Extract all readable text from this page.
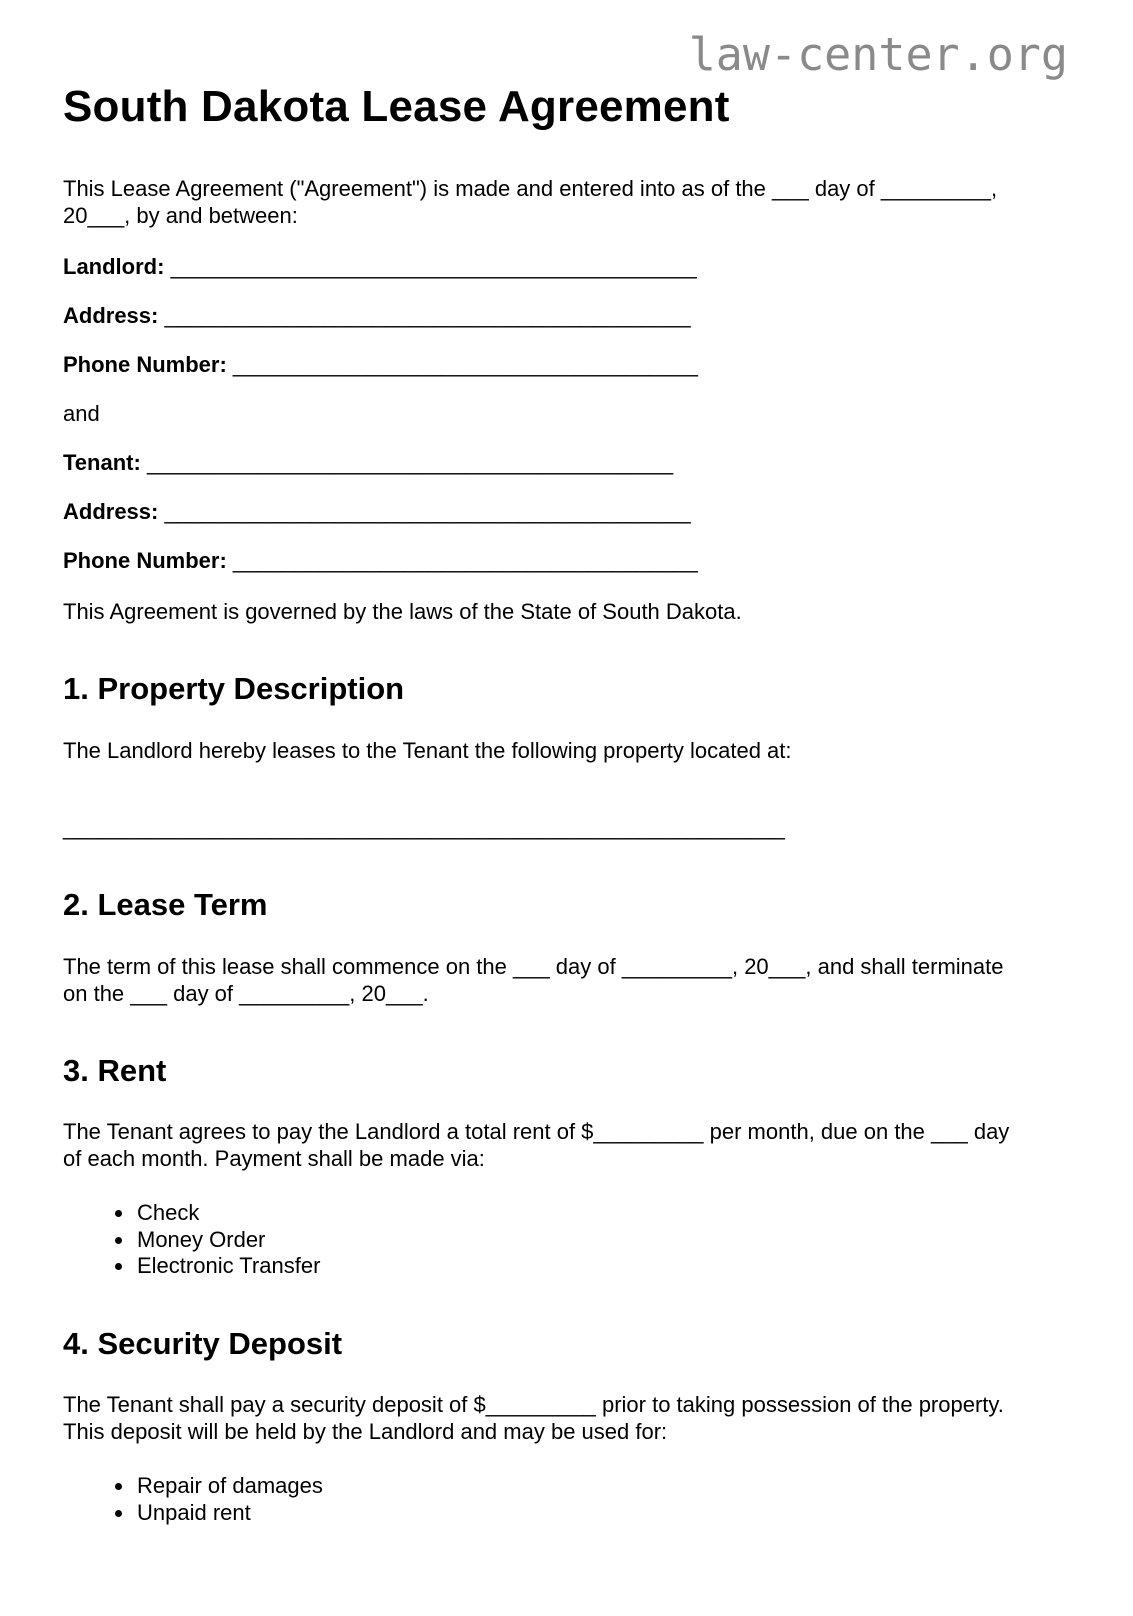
law-center.org
South Dakota Lease Agreement

This Lease Agreement ("Agreement") is made and entered into as of the ___ day of _________, 20___, by and between:

Landlord: ___________________________________________

Address: ___________________________________________

Phone Number: ______________________________________

and

Tenant: ___________________________________________

Address: ___________________________________________

Phone Number: ______________________________________

This Agreement is governed by the laws of the State of South Dakota.

1. Property Description

The Landlord hereby leases to the Tenant the following property located at:

___________________________________________________________

2. Lease Term

The term of this lease shall commence on the ___ day of _________, 20___, and shall terminate on the ___ day of _________, 20___.

3. Rent

The Tenant agrees to pay the Landlord a total rent of $_________ per month, due on the ___ day of each month. Payment shall be made via:

• Check
• Money Order
• Electronic Transfer
4. Security Deposit

The Tenant shall pay a security deposit of $_________ prior to taking possession of the property. This deposit will be held by the Landlord and may be used for:

• Repair of damages
• Unpaid rent
